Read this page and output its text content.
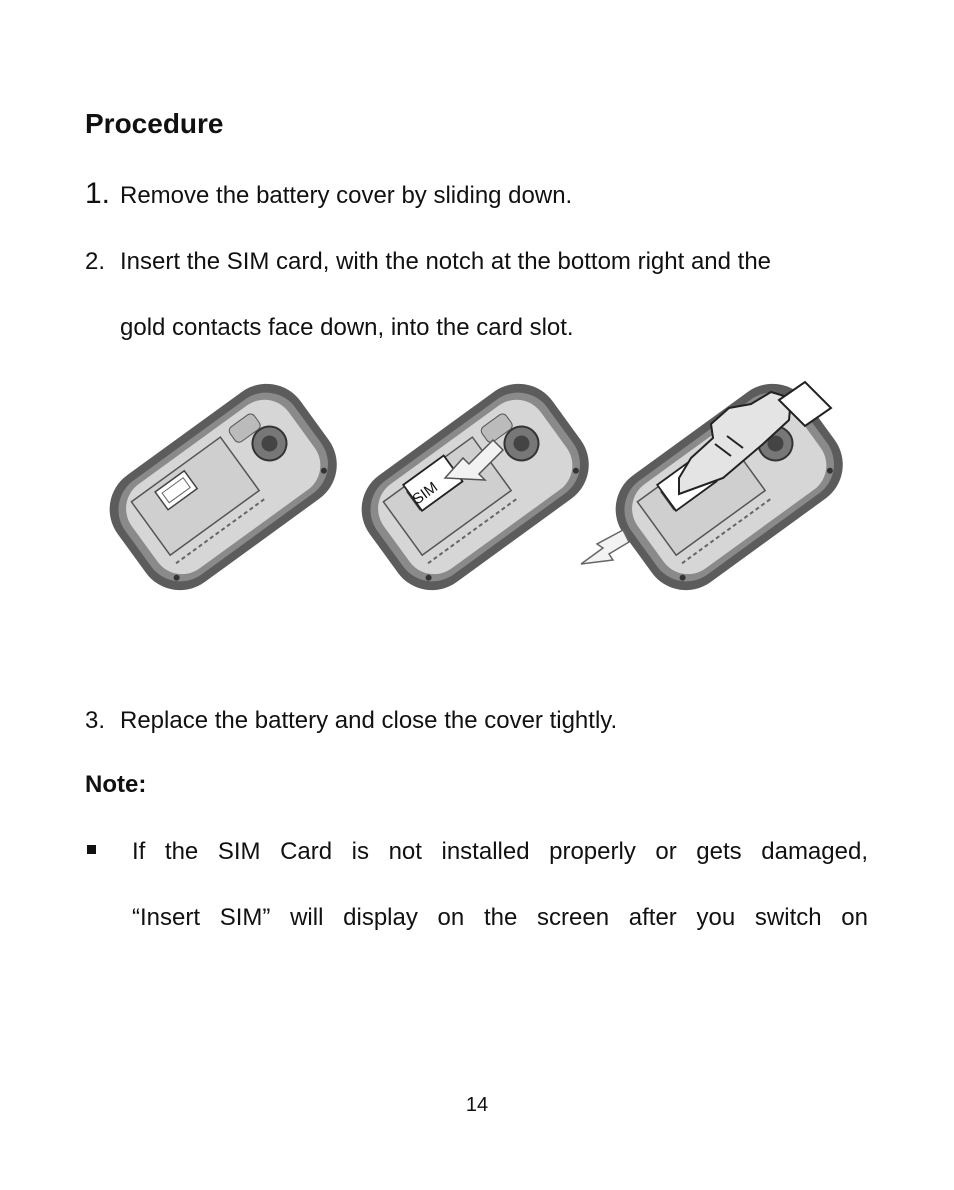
Procedure
1. Remove the battery cover by sliding down.
2. Insert the SIM card, with the notch at the bottom right and the
gold contacts face down, into the card slot.
SIM
3. Replace the battery and close the cover tightly.
Note:
If the SIM Card is not installed properly or gets damaged,
“Insert SIM” will display on the screen after you switch on
14
